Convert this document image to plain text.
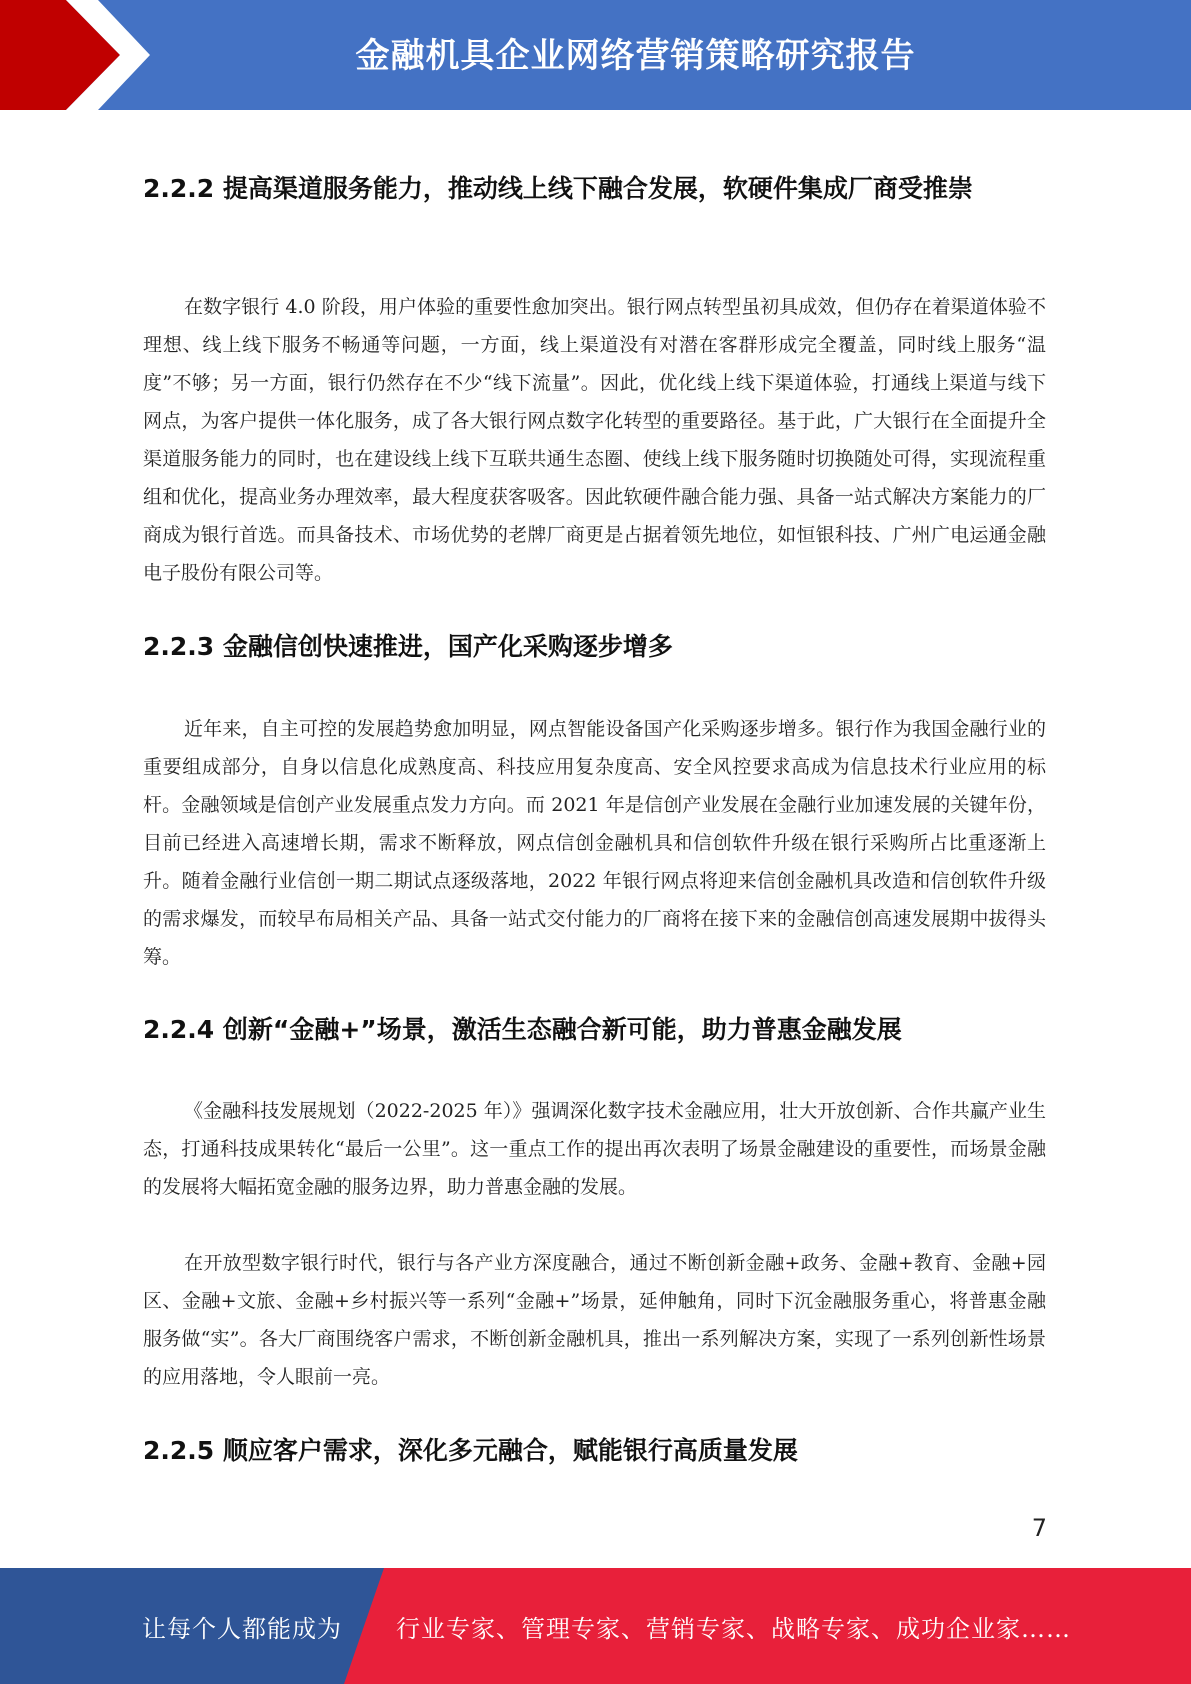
金融机具企业网络营销策略研究报告
2.2.2 提高渠道服务能力，推动线上线下融合发展，软硬件集成厂商受推崇

在数字银行 4.0 阶段，用户体验的重要性愈加突出。银行网点转型虽初具成效，但仍存在着渠道体验不理想、线上线下服务不畅通等问题，一方面，线上渠道没有对潜在客群形成完全覆盖，同时线上服务“温度”不够；另一方面，银行仍然存在不少“线下流量”。因此，优化线上线下渠道体验，打通线上渠道与线下网点，为客户提供一体化服务，成了各大银行网点数字化转型的重要路径。基于此，广大银行在全面提升全渠道服务能力的同时，也在建设线上线下互联共通生态圈、使线上线下服务随时切换随处可得，实现流程重组和优化，提高业务办理效率，最大程度获客吸客。因此软硬件融合能力强、具备一站式解决方案能力的厂商成为银行首选。而具备技术、市场优势的老牌厂商更是占据着领先地位，如恒银科技、广州广电运通金融电子股份有限公司等。

2.2.3 金融信创快速推进，国产化采购逐步增多

近年来，自主可控的发展趋势愈加明显，网点智能设备国产化采购逐步增多。银行作为我国金融行业的重要组成部分，自身以信息化成熟度高、科技应用复杂度高、安全风控要求高成为信息技术行业应用的标杆。金融领域是信创产业发展重点发力方向。而 2021 年是信创产业发展在金融行业加速发展的关键年份，目前已经进入高速增长期，需求不断释放，网点信创金融机具和信创软件升级在银行采购所占比重逐渐上升。随着金融行业信创一期二期试点逐级落地，2022 年银行网点将迎来信创金融机具改造和信创软件升级的需求爆发，而较早布局相关产品、具备一站式交付能力的厂商将在接下来的金融信创高速发展期中拔得头筹。

2.2.4 创新“金融+”场景，激活生态融合新可能，助力普惠金融发展

《金融科技发展规划（2022-2025 年）》强调深化数字技术金融应用，壮大开放创新、合作共赢产业生态，打通科技成果转化“最后一公里”。这一重点工作的提出再次表明了场景金融建设的重要性，而场景金融的发展将大幅拓宽金融的服务边界，助力普惠金融的发展。

在开放型数字银行时代，银行与各产业方深度融合，通过不断创新金融+政务、金融+教育、金融+园区、金融+文旅、金融+乡村振兴等一系列“金融+”场景，延伸触角，同时下沉金融服务重心，将普惠金融服务做“实”。各大厂商围绕客户需求，不断创新金融机具，推出一系列解决方案，实现了一系列创新性场景的应用落地，令人眼前一亮。

2.2.5 顺应客户需求，深化多元融合，赋能银行高质量发展
7
让每个人都能成为 行业专家、管理专家、营销专家、战略专家、成功企业家……
